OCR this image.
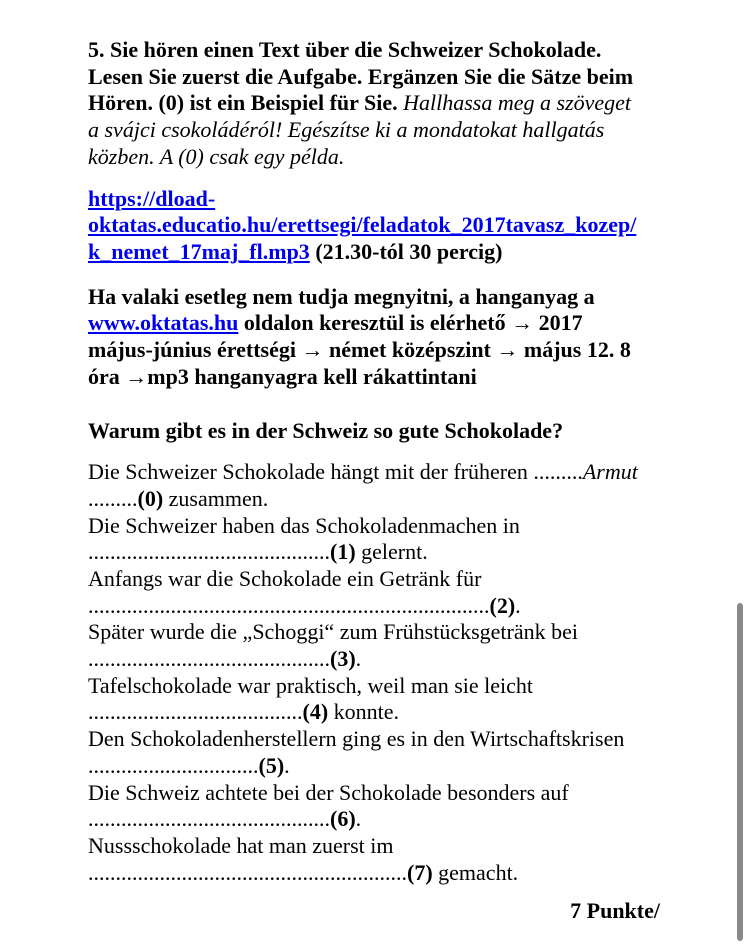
5. Sie hören einen Text über die Schweizer Schokolade.
Lesen Sie zuerst die Aufgabe. Ergänzen Sie die Sätze beim
Hören. (0) ist ein Beispiel für Sie. Hallhassa meg a szöveget
a svájci csokoládéról! Egészítse ki a mondatokat hallgatás
közben. A (0) csak egy példa.

https://dload-
oktatas.educatio.hu/erettsegi/feladatok_2017tavasz_kozep/
k_nemet_17maj_fl.mp3 (21.30-tól 30 percig)

Ha valaki esetleg nem tudja megnyitni, a hanganyag a
www.oktatas.hu oldalon keresztül is elérhető → 2017
május-június érettségi → német középszint → május 12. 8
óra →mp3 hanganyagra kell rákattintani

Warum gibt es in der Schweiz so gute Schokolade?

Die Schweizer Schokolade hängt mit der früheren .........Armut
.........(0) zusammen.
Die Schweizer haben das Schokoladenmachen in
............................................(1) gelernt.
Anfangs war die Schokolade ein Getränk für
.........................................................................(2).
Später wurde die „Schoggi“ zum Frühstücksgetränk bei
............................................(3).
Tafelschokolade war praktisch, weil man sie leicht
.......................................(4) konnte.
Den Schokoladenherstellern ging es in den Wirtschaftskrisen
...............................(5).
Die Schweiz achtete bei der Schokolade besonders auf
............................................(6).
Nussschokolade hat man zuerst im
..........................................................(7) gemacht.

7 Punkte/
